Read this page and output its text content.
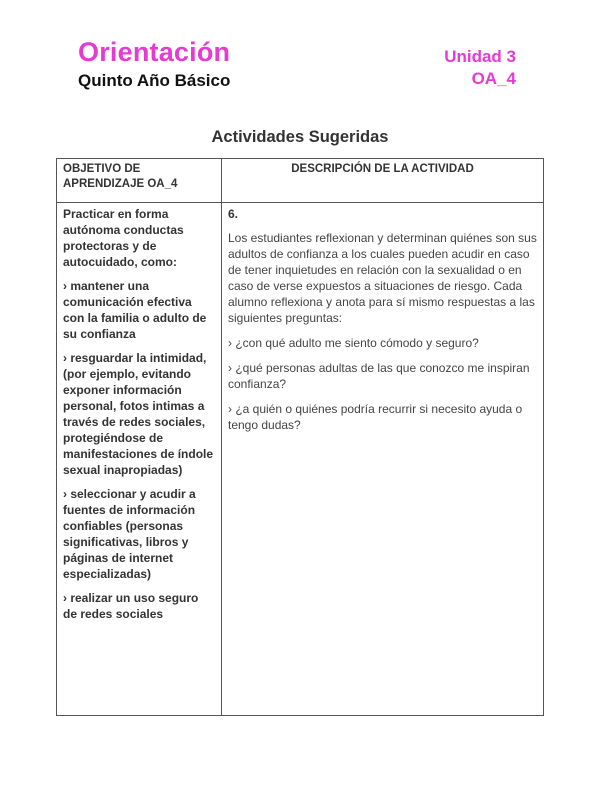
Orientación
Quinto Año Básico
Unidad 3
OA_4
Actividades Sugeridas
OBJETIVO DE APRENDIZAJE OA_4
DESCRIPCIÓN DE LA ACTIVIDAD
Practicar en forma autónoma conductas protectoras y de autocuidado, como:
› mantener una comunicación efectiva con la familia o adulto de su confianza
› resguardar la intimidad, (por ejemplo, evitando exponer información personal, fotos intimas a través de redes sociales, protegiéndose de manifestaciones de índole sexual inapropiadas)
› seleccionar y acudir a fuentes de información confiables (personas significativas, libros y páginas de internet especializadas)
› realizar un uso seguro de redes sociales
6.
Los estudiantes reflexionan y determinan quiénes son sus adultos de confianza a los cuales pueden acudir en caso de tener inquietudes en relación con la sexualidad o en caso de verse expuestos a situaciones de riesgo. Cada alumno reflexiona y anota para sí mismo respuestas a las siguientes preguntas:
› ¿con qué adulto me siento cómodo y seguro?
› ¿qué personas adultas de las que conozco me inspiran confianza?
› ¿a quién o quiénes podría recurrir si necesito ayuda o tengo dudas?
